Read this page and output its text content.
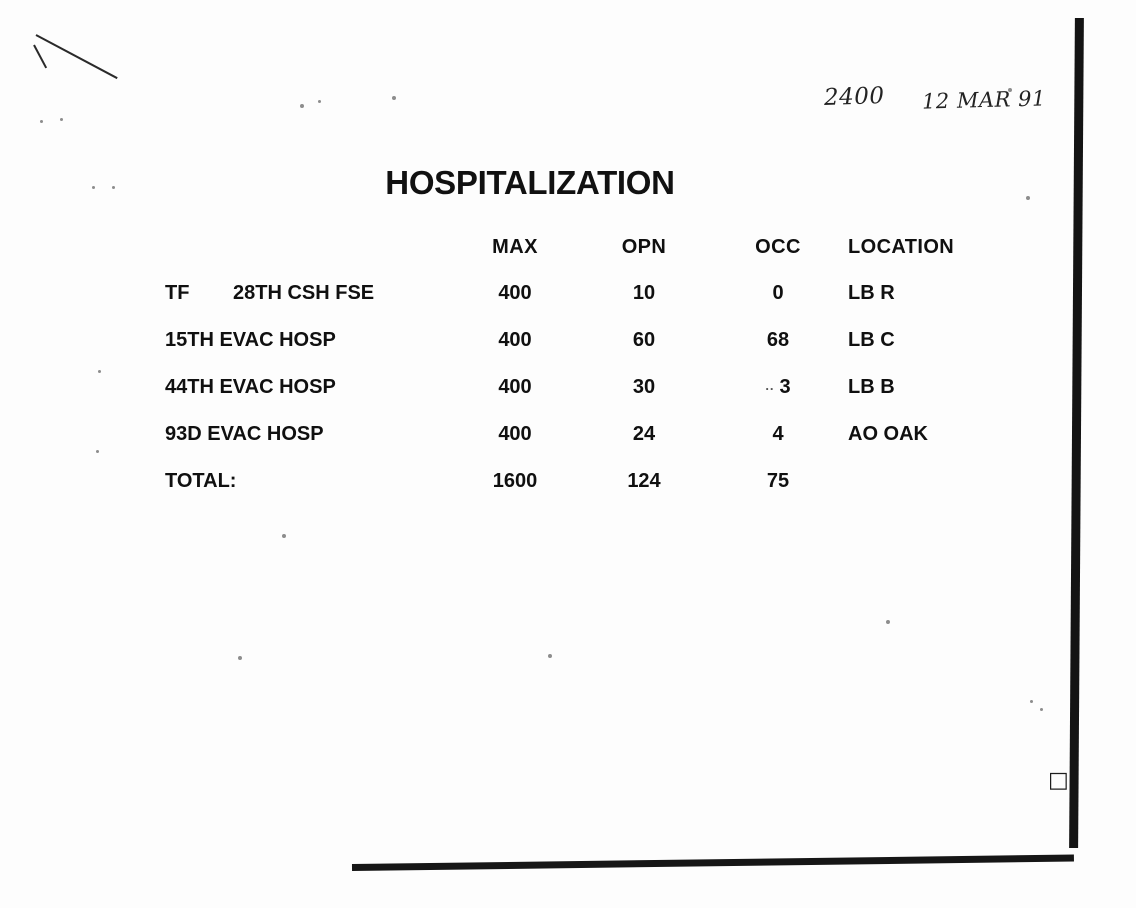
2400 12 MAR 91
HOSPITALIZATION
	MAX	OPN	OCC	LOCATION
TF 28TH CSH FSE	400	10	0	LB R
15TH EVAC HOSP	400	60	68	LB C
44TH EVAC HOSP	400	30	.. 3	LB B
93D EVAC HOSP	400	24	4	AO OAK
TOTAL:	1600	124	75	
□
